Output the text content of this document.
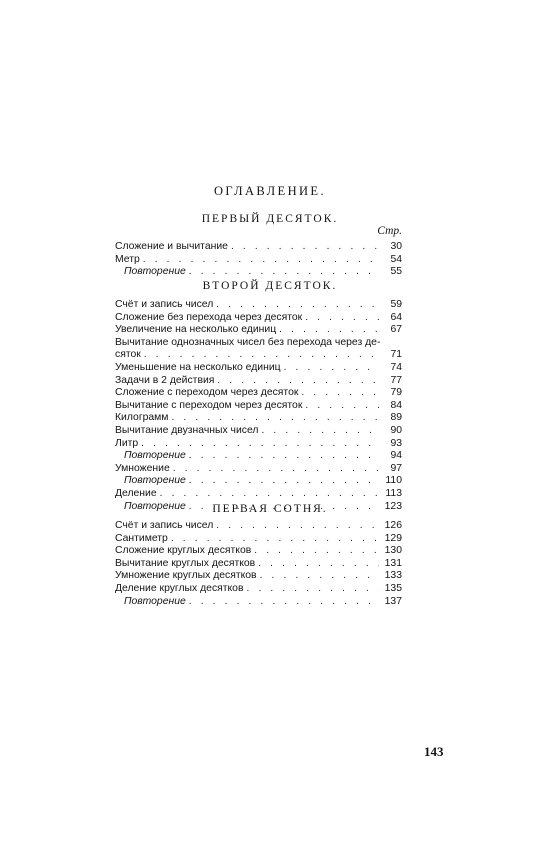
ОГЛАВЛЕНИЕ.
ПЕРВЫЙ ДЕСЯТОК.
Стр.
Сложение и вычитание . . .	30
Метр . . .	54
Повторение . . .	55
ВТОРОЙ ДЕСЯТОК.
Счёт и запись чисел . . .	59
Сложение без перехода через десяток . . .	64
Увеличение на несколько единиц . . .	67
Вычитание однозначных чисел без перехода через де-
сяток . . .	71
Уменьшение на несколько единиц . . .	74
Задачи в 2 действия . . .	77
Сложение с переходом через десяток . . .	79
Вычитание с переходом через десяток . . .	84
Килограмм . . .	89
Вычитание двузначных чисел . . .	90
Литр . . .	93
Повторение . . .	94
Умножение . . .	97
Повторение . . .	110
Деление . . .	113
Повторение . . .	123
ПЕРВАЯ СОТНЯ.
Счёт и запись чисел . . .	126
Сантиметр . . .	129
Сложение круглых десятков . . .	130
Вычитание круглых десятков . . .	131
Умножение круглых десятков . . .	133
Деление круглых десятков . . .	135
Повторение . . .	137
143
